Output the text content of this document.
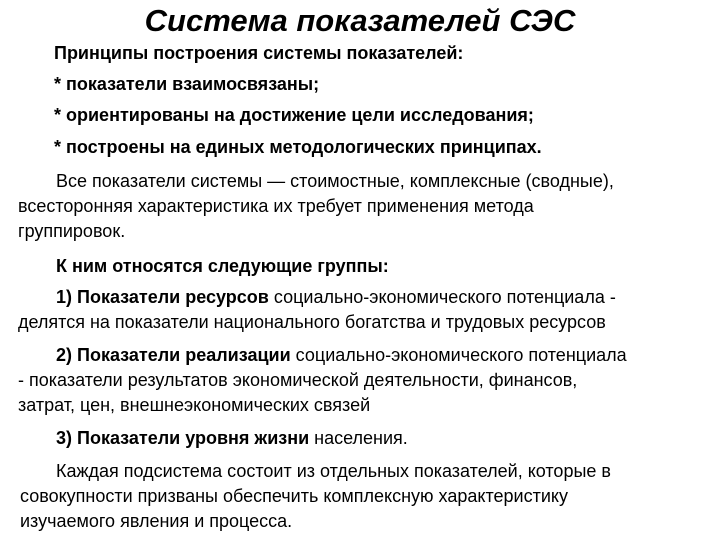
Система показателей СЭС
Принципы построения системы показателей:
* показатели взаимосвязаны;
* ориентированы на достижение цели исследования;
* построены на единых методологических принципах.
Все показатели системы — стоимостные, комплексные (сводные),
всесторонняя характеристика их требует применения метода
группировок.
К ним относятся следующие группы:
1) Показатели ресурсов социально-экономического потенциала -
делятся на показатели национального богатства и трудовых ресурсов
2) Показатели реализации социально-экономического потенциала
- показатели результатов экономической деятельности, финансов,
затрат, цен, внешнеэкономических связей
3) Показатели уровня жизни населения.
Каждая подсистема состоит из отдельных показателей, которые в
совокупности призваны обеспечить комплексную характеристику
изучаемого явления и процесса.
